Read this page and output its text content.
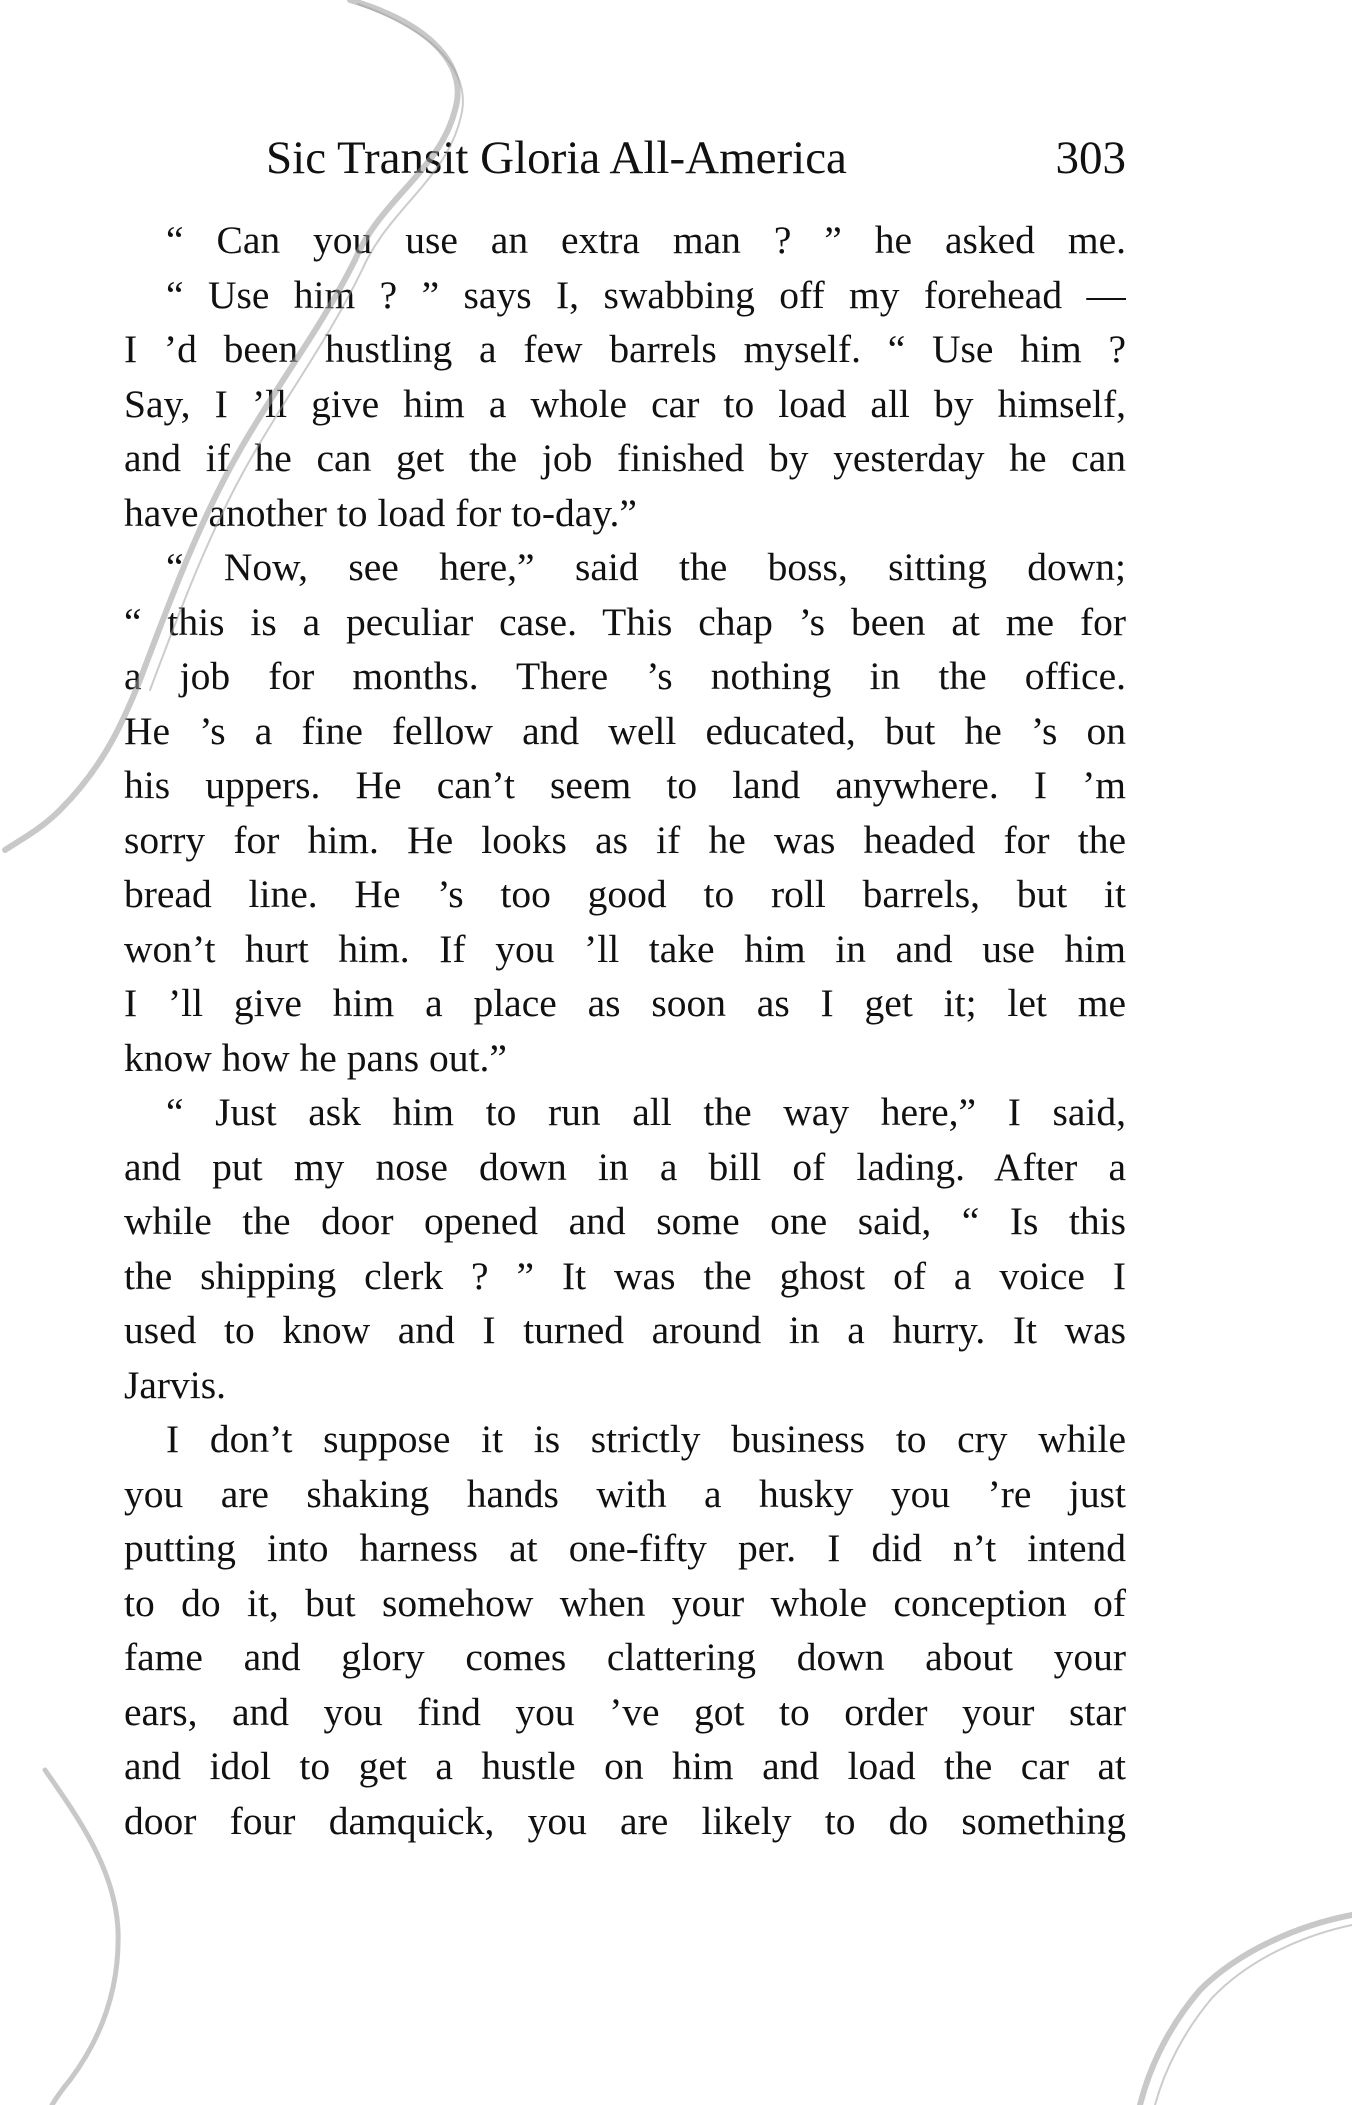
Sic Transit Gloria All-America	303
“ Can you use an extra man ? ” he asked me.
“ Use him ? ” says I, swabbing off my forehead —
I ’d been hustling a few barrels myself. “ Use him ?
Say, I ’ll give him a whole car to load all by himself,
and if he can get the job finished by yesterday he can
have another to load for to-day.”
“ Now, see here,” said the boss, sitting down;
“ this is a peculiar case. This chap ’s been at me for
a job for months. There ’s nothing in the office.
He ’s a fine fellow and well educated, but he ’s on
his uppers. He can’t seem to land anywhere. I ’m
sorry for him. He looks as if he was headed for the
bread line. He ’s too good to roll barrels, but it
won’t hurt him. If you ’ll take him in and use him
I ’ll give him a place as soon as I get it; let me
know how he pans out.”
“ Just ask him to run all the way here,” I said,
and put my nose down in a bill of lading. After a
while the door opened and some one said, “ Is this
the shipping clerk ? ” It was the ghost of a voice I
used to know and I turned around in a hurry. It was
Jarvis.
I don’t suppose it is strictly business to cry while
you are shaking hands with a husky you ’re just
putting into harness at one-fifty per. I did n’t intend
to do it, but somehow when your whole conception of
fame and glory comes clattering down about your
ears, and you find you ’ve got to order your star
and idol to get a hustle on him and load the car at
door four damquick, you are likely to do something
